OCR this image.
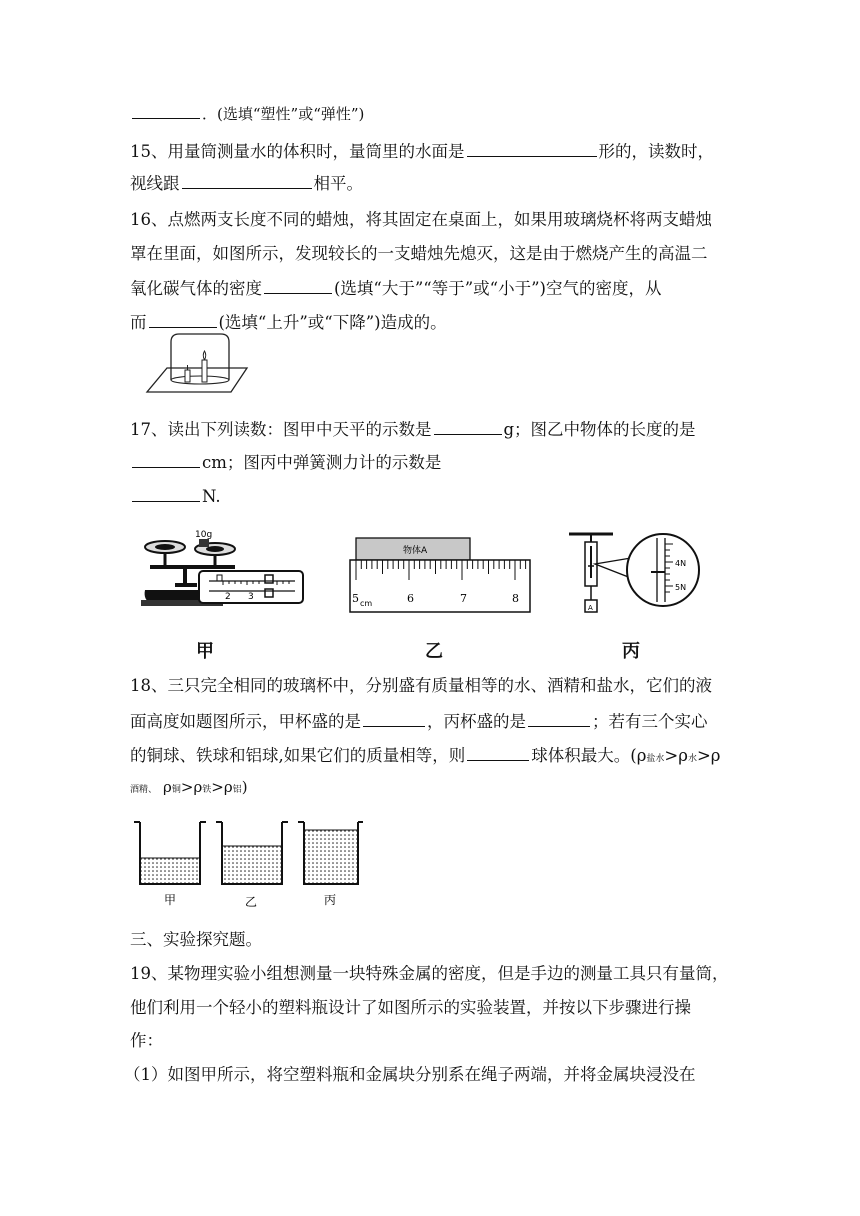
．(选填“塑性”或“弹性”)
15、用量筒测量水的体积时，量筒里的水面是	形的，读数时，
视线跟	相平。
16、点燃两支长度不同的蜡烛，将其固定在桌面上，如果用玻璃烧杯将两支蜡烛
罩在里面，如图所示，发现较长的一支蜡烛先熄灭，这是由于燃烧产生的高温二
氧化碳气体的密度	(选填“大于”“等于”或“小于”)空气的密度，从
而	(选填“上升”或“下降”)造成的。
17、读出下列读数：图甲中天平的示数是	g；图乙中物体的长度的是
cm；图丙中弹簧测力计的示数是
N.
10g
2 3
甲
物体A
5 cm	6	7	8
乙
A
4N
5N
丙
18、三只完全相同的玻璃杯中，分别盛有质量相等的水、酒精和盐水，它们的液
面高度如题图所示，甲杯盛的是	，丙杯盛的是	；若有三个实心
的铜球、铁球和铝球,如果它们的质量相等，则	球体积最大。(ρ盐水>ρ水>ρ
酒精、 ρ铜>ρ铁>ρ铝)
甲	乙	丙
三、实验探究题。
19、某物理实验小组想测量一块特殊金属的密度，但是手边的测量工具只有量筒，
他们利用一个轻小的塑料瓶设计了如图所示的实验装置，并按以下步骤进行操
作：
（1）如图甲所示，将空塑料瓶和金属块分别系在绳子两端，并将金属块浸没在
